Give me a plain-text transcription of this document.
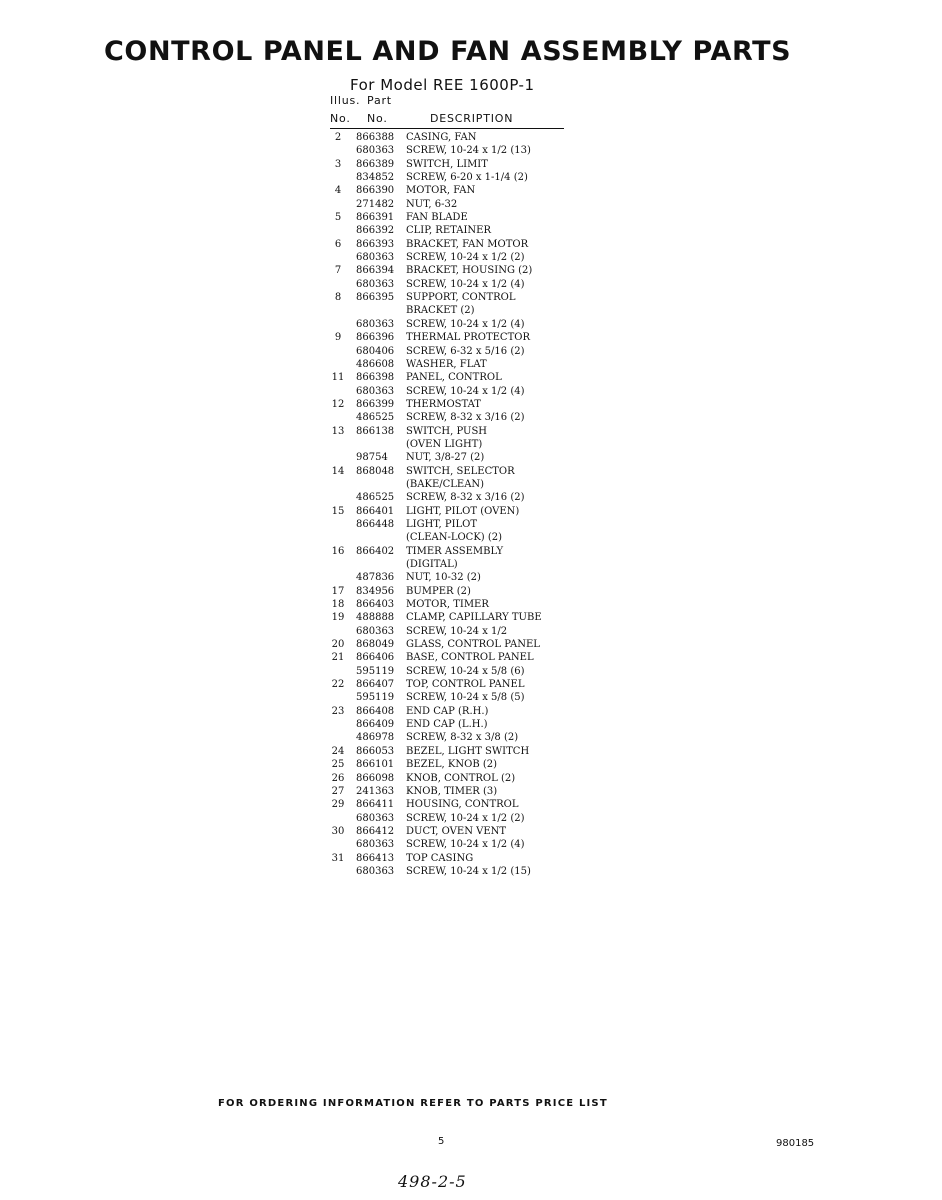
CONTROL PANEL AND FAN ASSEMBLY PARTS
For Model REE 1600P-1
Illus. Part
No. No.	DESCRIPTION
2	866388 CASING, FAN
680363 SCREW, 10-24 x 1/2 (13)
3	866389 SWITCH, LIMIT
834852 SCREW, 6-20 x 1-1/4 (2)
4	866390 MOTOR, FAN
271482 NUT, 6-32
5	866391 FAN BLADE
866392 CLIP, RETAINER
6	866393 BRACKET, FAN MOTOR
680363 SCREW, 10-24 x 1/2 (2)
7	866394 BRACKET, HOUSING (2)
680363 SCREW, 10-24 x 1/2 (4)
8	866395 SUPPORT, CONTROL
BRACKET (2)
680363 SCREW, 10-24 x 1/2 (4)
9	866396 THERMAL PROTECTOR
680406 SCREW, 6-32 x 5/16 (2)
486608 WASHER, FLAT
11 866398 PANEL, CONTROL
680363 SCREW, 10-24 x 1/2 (4)
12 866399 THERMOSTAT
486525 SCREW, 8-32 x 3/16 (2)
13 866138 SWITCH, PUSH
(OVEN LIGHT)
98754 NUT, 3/8-27 (2)
14 868048 SWITCH, SELECTOR
(BAKE/CLEAN)
486525 SCREW, 8-32 x 3/16 (2)
15 866401 LIGHT, PILOT (OVEN)
866448 LIGHT, PILOT
(CLEAN-LOCK) (2)
16 866402 TIMER ASSEMBLY
(DIGITAL)
487836 NUT, 10-32 (2)
17 834956 BUMPER (2)
18 866403 MOTOR, TIMER
19 488888 CLAMP, CAPILLARY TUBE
680363 SCREW, 10-24 x 1/2
20 868049 GLASS, CONTROL PANEL
21 866406 BASE, CONTROL PANEL
595119 SCREW, 10-24 x 5/8 (6)
22 866407 TOP, CONTROL PANEL
595119 SCREW, 10-24 x 5/8 (5)
23 866408 END CAP (R.H.)
866409 END CAP (L.H.)
486978 SCREW, 8-32 x 3/8 (2)
24 866053 BEZEL, LIGHT SWITCH
25 866101 BEZEL, KNOB (2)
26 866098 KNOB, CONTROL (2)
27 241363 KNOB, TIMER (3)
29 866411 HOUSING, CONTROL
680363 SCREW, 10-24 x 1/2 (2)
30 866412 DUCT, OVEN VENT
680363 SCREW, 10-24 x 1/2 (4)
31 866413 TOP CASING
680363 SCREW, 10-24 x 1/2 (15)
FOR ORDERING INFORMATION REFER TO PARTS PRICE LIST
5	980185
498-2-5
